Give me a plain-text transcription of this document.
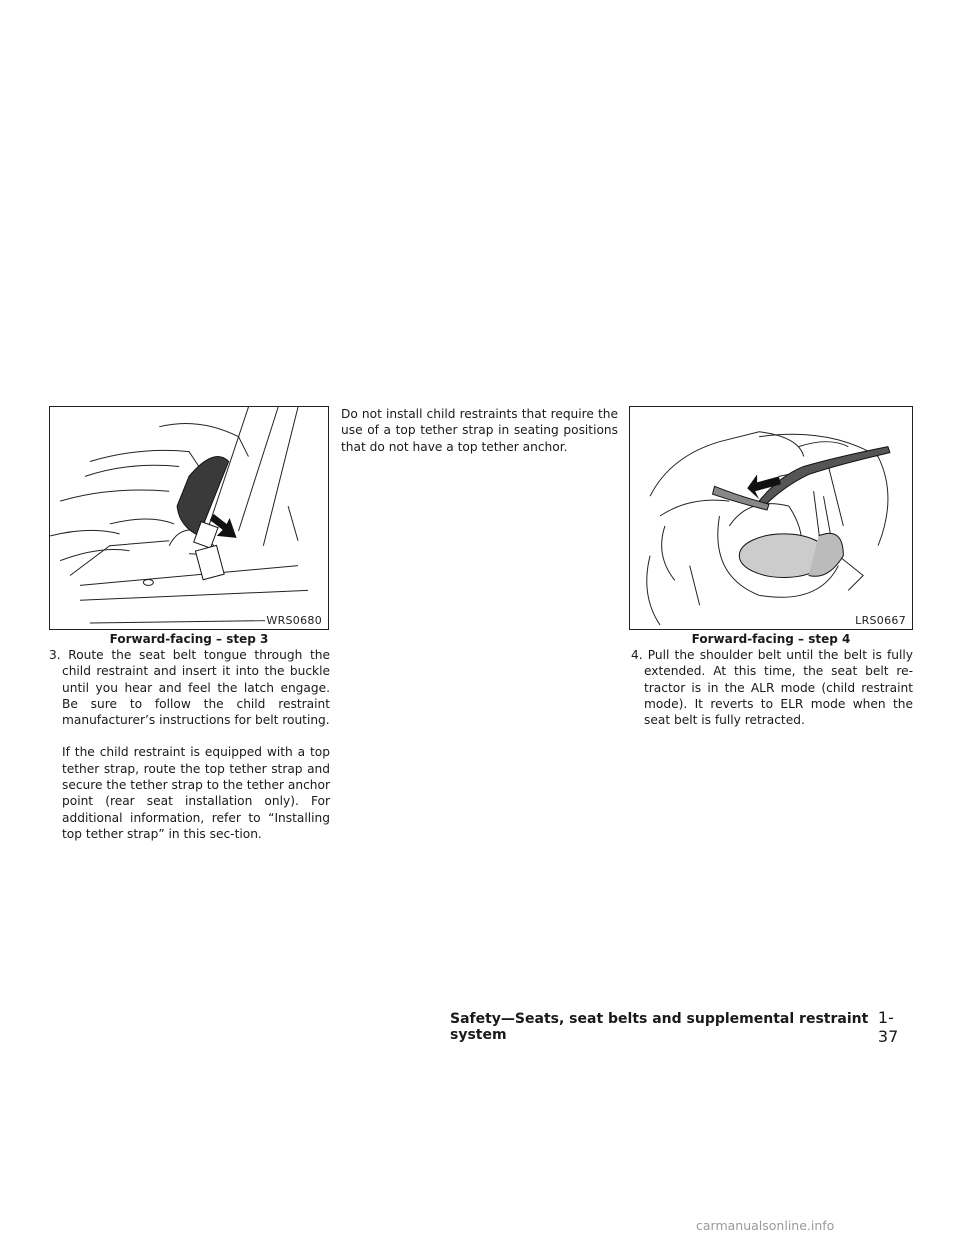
WRS0680
Forward-facing – step 3
LRS0667
Forward-facing – step 4

3. Route the seat belt tongue through the child restraint and insert it into the buckle until you hear and feel the latch engage. Be sure to follow the child restraint manufacturer’s instructions for belt routing.

If the child restraint is equipped with a top tether strap, route the top tether strap and secure the tether strap to the tether anchor point (rear seat installation only). For additional information, refer to “Installing top tether strap” in this sec-tion.

Do not install child restraints that require the use of a top tether strap in seating positions that do not have a top tether anchor.

4. Pull the shoulder belt until the belt is fully extended. At this time, the seat belt re-tractor is in the ALR mode (child restraint mode). It reverts to ELR mode when the seat belt is fully retracted.

Safety—Seats, seat belts and supplemental restraint system
1-37
carmanualsonline.info
